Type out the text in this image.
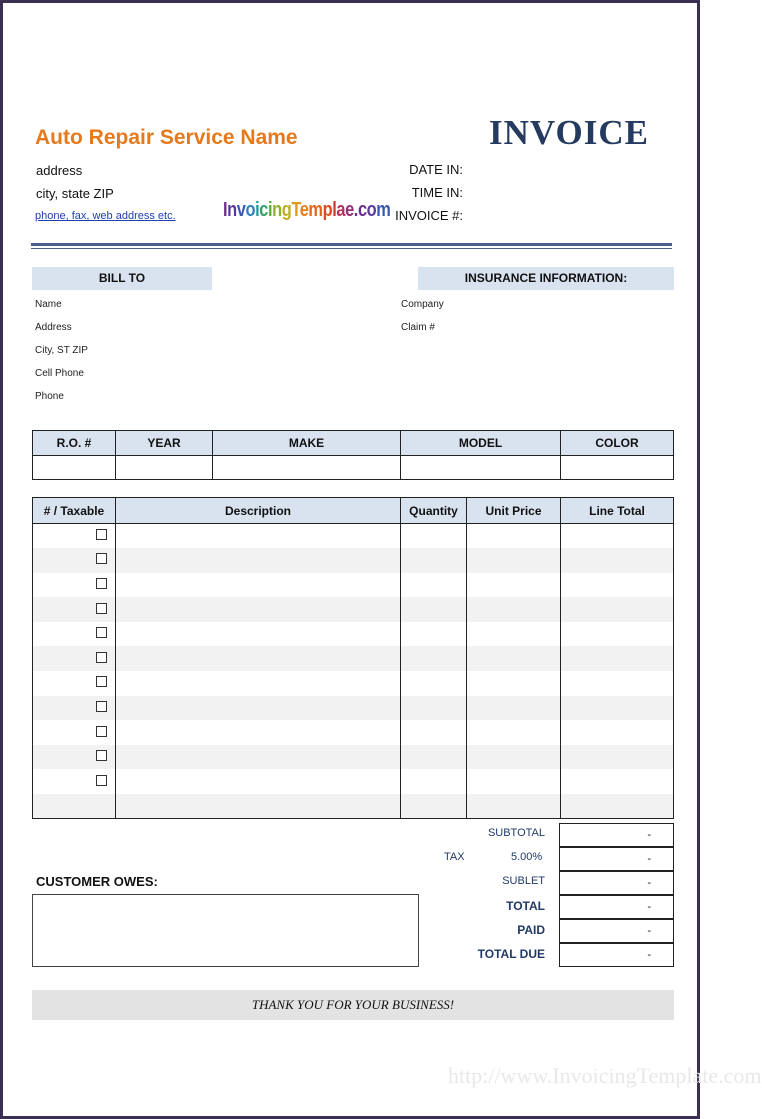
Auto Repair Service Name	INVOICE
address
city, state ZIP
phone, fax, web address etc. InvoicingTemplae.com
DATE IN:
TIME IN:
INVOICE #:
BILL TO
Name
Address
City, ST ZIP
Cell Phone
Phone
INSURANCE INFORMATION:
Company
Claim #
R.O. #	YEAR	MAKE	MODEL	COLOR

# / Taxable	Description	Quantity	Unit Price	Line Total

SUBTOTAL	-
TAX	5.00%	-
SUBLET	-
TOTAL	-
PAID	-
TOTAL DUE	-
CUSTOMER OWES:
THANK YOU FOR YOUR BUSINESS!
http://www.InvoicingTemplate.com
